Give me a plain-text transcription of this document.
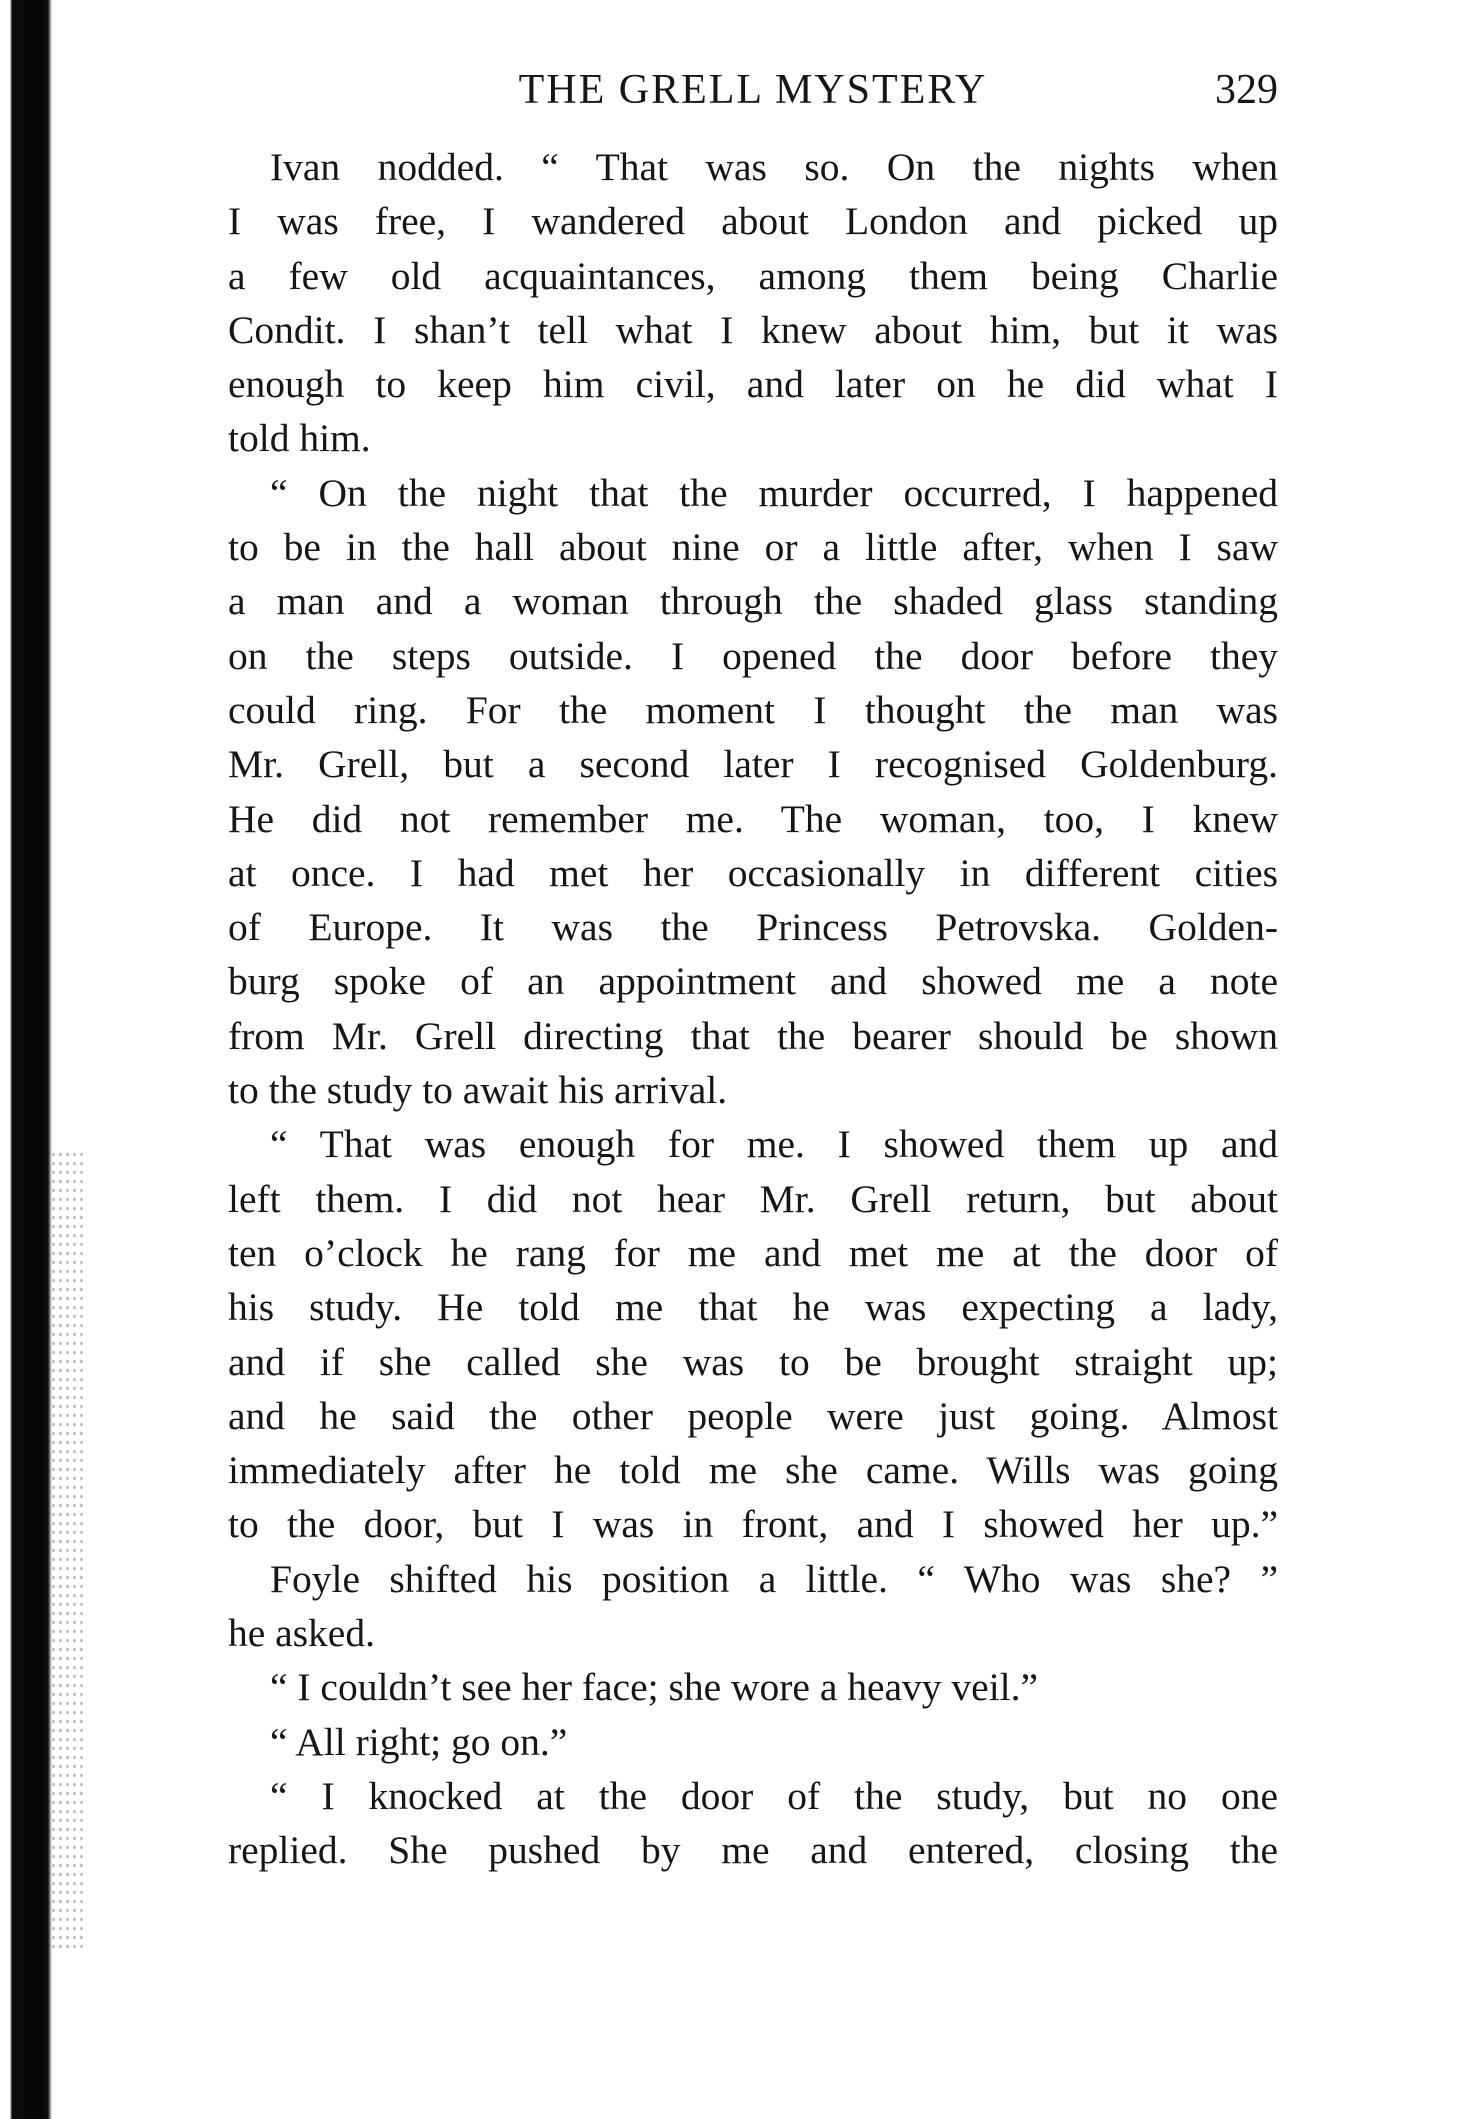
THE GRELL MYSTERY	329
Ivan nodded. “ That was so. On the nights when
I was free, I wandered about London and picked up
a few old acquaintances, among them being Charlie
Condit. I shan’t tell what I knew about him, but it was
enough to keep him civil, and later on he did what I
told him.
“ On the night that the murder occurred, I happened
to be in the hall about nine or a little after, when I saw
a man and a woman through the shaded glass standing
on the steps outside. I opened the door before they
could ring. For the moment I thought the man was
Mr. Grell, but a second later I recognised Goldenburg.
He did not remember me. The woman, too, I knew
at once. I had met her occasionally in different cities
of Europe. It was the Princess Petrovska. Golden-
burg spoke of an appointment and showed me a note
from Mr. Grell directing that the bearer should be shown
to the study to await his arrival.
“ That was enough for me. I showed them up and
left them. I did not hear Mr. Grell return, but about
ten o’clock he rang for me and met me at the door of
his study. He told me that he was expecting a lady,
and if she called she was to be brought straight up;
and he said the other people were just going. Almost
immediately after he told me she came. Wills was going
to the door, but I was in front, and I showed her up.”
Foyle shifted his position a little. “ Who was she? ”
he asked.
“ I couldn’t see her face; she wore a heavy veil.”
“ All right; go on.”
“ I knocked at the door of the study, but no one
replied. She pushed by me and entered, closing the
